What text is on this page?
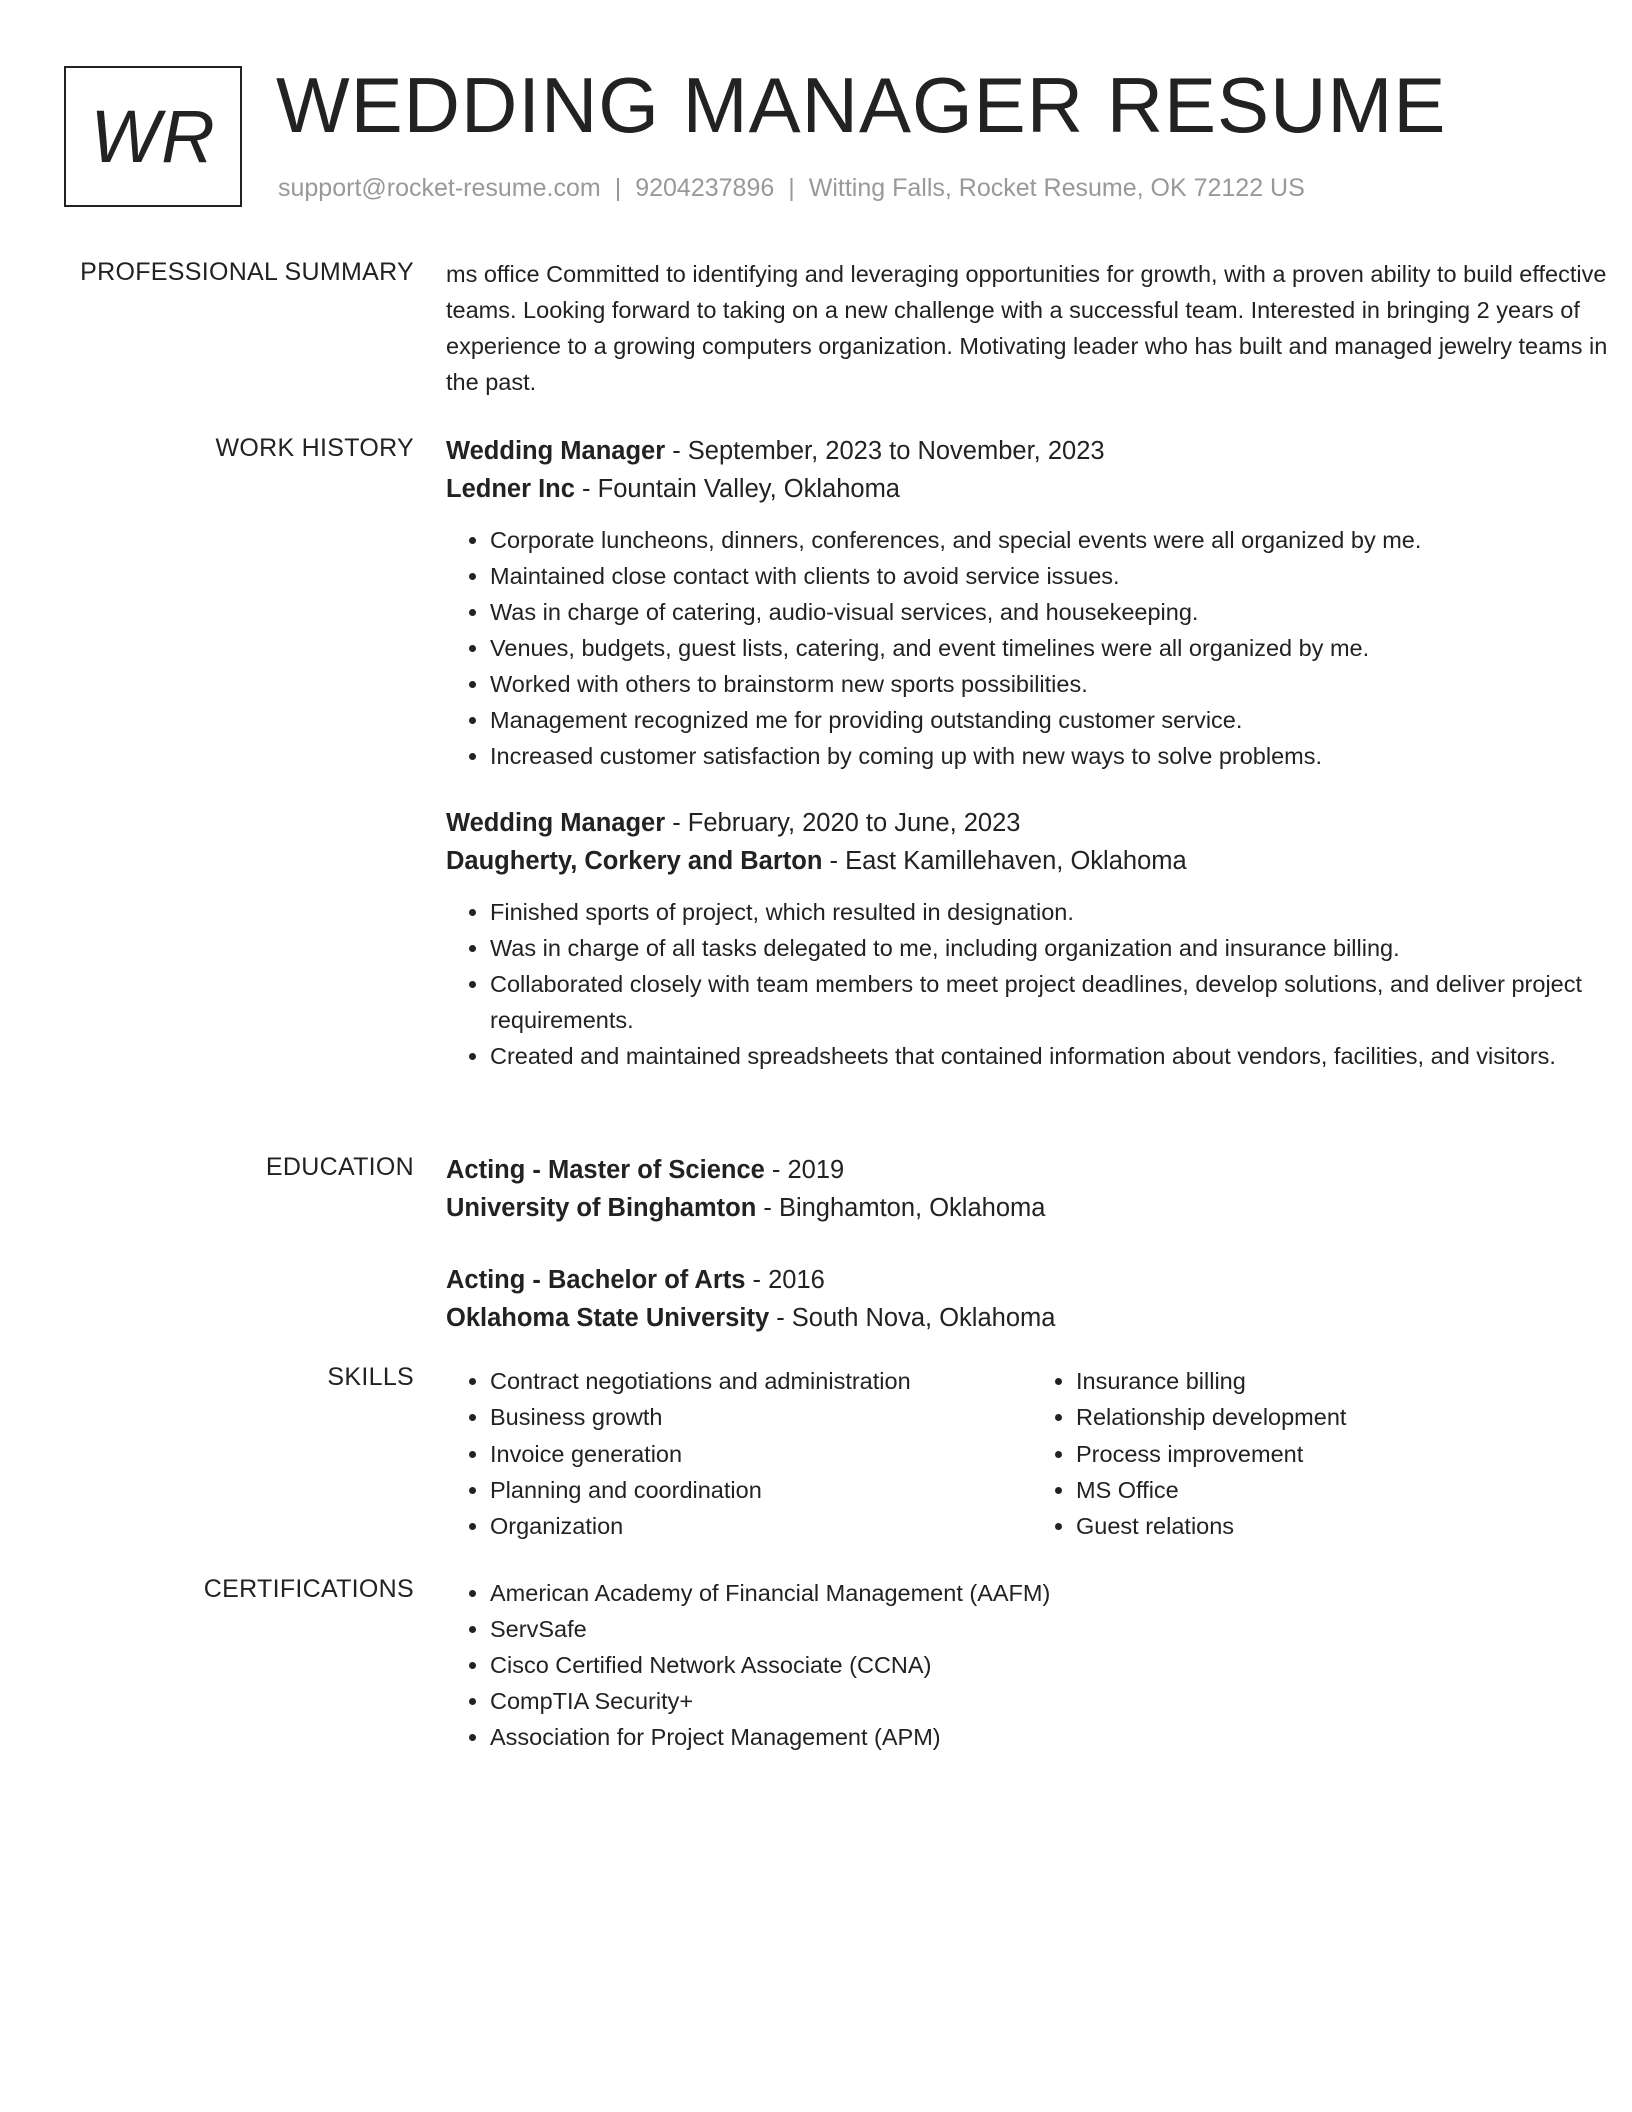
WR WEDDING MANAGER RESUME
support@rocket-resume.com | 9204237896 | Witting Falls, Rocket Resume, OK 72122 US
PROFESSIONAL SUMMARY ms office Committed to identifying and leveraging opportunities for growth, with a proven ability to build effective teams. Looking forward to taking on a new challenge with a successful team. Interested in bringing 2 years of experience to a growing computers organization. Motivating leader who has built and managed jewelry teams in the past.
WORK HISTORY Wedding Manager - September, 2023 to November, 2023
Ledner Inc - Fountain Valley, Oklahoma
• Corporate luncheons, dinners, conferences, and special events were all organized by me.
• Maintained close contact with clients to avoid service issues.
• Was in charge of catering, audio-visual services, and housekeeping.
• Venues, budgets, guest lists, catering, and event timelines were all organized by me.
• Worked with others to brainstorm new sports possibilities.
• Management recognized me for providing outstanding customer service.
• Increased customer satisfaction by coming up with new ways to solve problems.
Wedding Manager - February, 2020 to June, 2023
Daugherty, Corkery and Barton - East Kamillehaven, Oklahoma
• Finished sports of project, which resulted in designation.
• Was in charge of all tasks delegated to me, including organization and insurance billing.
• Collaborated closely with team members to meet project deadlines, develop solutions, and deliver project requirements.
• Created and maintained spreadsheets that contained information about vendors, facilities, and visitors.
EDUCATION Acting - Master of Science - 2019
University of Binghamton - Binghamton, Oklahoma
Acting - Bachelor of Arts - 2016
Oklahoma State University - South Nova, Oklahoma
SKILLS	• Contract negotiations and administration
• Business growth
• Invoice generation
• Planning and coordination
• Organization
• Insurance billing
• Relationship development
• Process improvement
• MS Office
• Guest relations
CERTIFICATIONS	• American Academy of Financial Management (AAFM)
• ServSafe
• Cisco Certified Network Associate (CCNA)
• CompTIA Security+
• Association for Project Management (APM)
